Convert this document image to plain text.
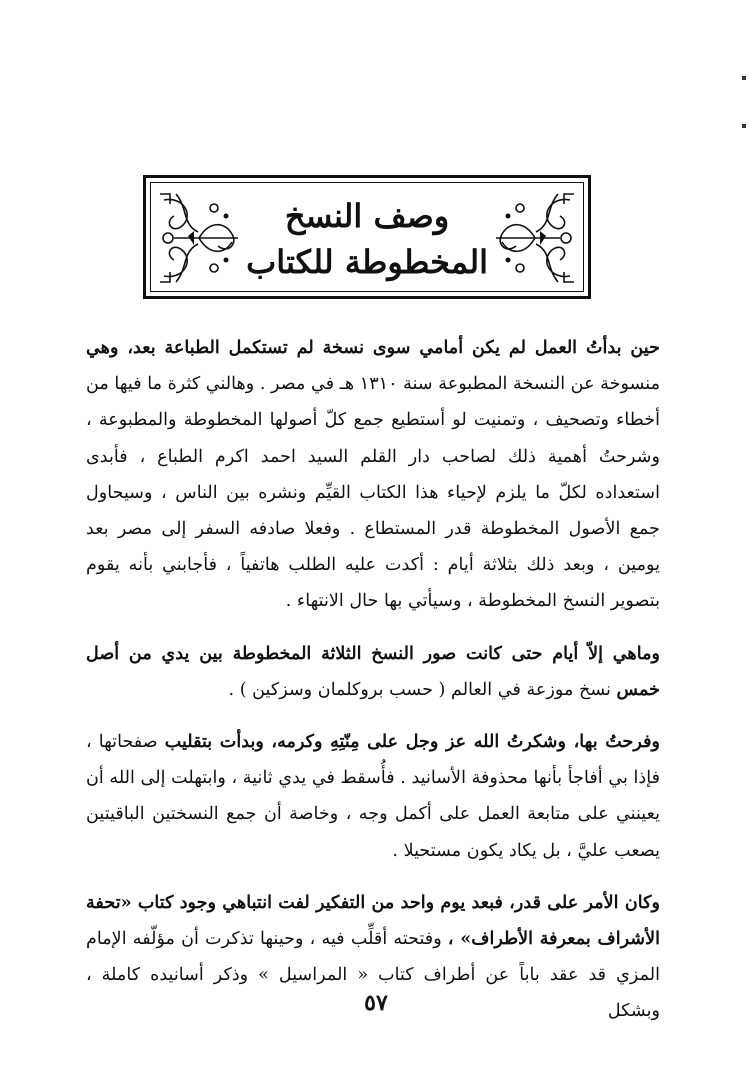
وصف النسخ
المخطوطة للكتاب

حين بدأتُ العمل لم يكن أمامي سوى نسخة لم تستكمل الطباعة بعد، وهي منسوخة عن النسخة المطبوعة سنة ١٣١٠ هـ في مصر . وهالني كثرة ما فيها من أخطاء وتصحيف ، وتمنيت لو أستطيع جمع كلّ أصولها المخطوطة والمطبوعة ، وشرحتُ أهمية ذلك لصاحب دار القلم السيد احمد اكرم الطباع ، فأبدى استعداده لكلّ ما يلزم لإحياء هذا الكتاب القيِّم ونشره بين الناس ، وسيحاول جمع الأصول المخطوطة قدر المستطاع . وفعلا صادفه السفر إلى مصر بعد يومين ، وبعد ذلك بثلاثة أيام : أكدت عليه الطلب هاتفياً ، فأجابني بأنه يقوم بتصوير النسخ المخطوطة ، وسيأتي بها حال الانتهاء .

وماهي إلاّ أيام حتى كانت صور النسخ الثلاثة المخطوطة بين يدي من أصل خمس نسخ موزعة في العالم ( حسب بروكلمان وسزكين ) .

وفرحتُ بها، وشكرتُ الله عز وجل على مِنّتِهِ وكرمه، وبدأت بتقليب صفحاتها ، فإذا بي أفاجأ بأنها محذوفة الأسانيد . فأُسقط في يدي ثانية ، وابتهلت إلى الله أن يعينني على متابعة العمل على أكمل وجه ، وخاصة أن جمع النسختين الباقيتين يصعب عليَّ ، بل يكاد يكون مستحيلا .

وكان الأمر على قدر، فبعد يوم واحد من التفكير لفت انتباهي وجود كتاب «تحفة الأشراف بمعرفة الأطراف» ، وفتحته أقلِّب فيه ، وحينها تذكرت أن مؤلّفه الإمام المزي قد عقد باباً عن أطراف كتاب « المراسيل » وذكر أسانيده كاملة ، وبشكل

٥٧
